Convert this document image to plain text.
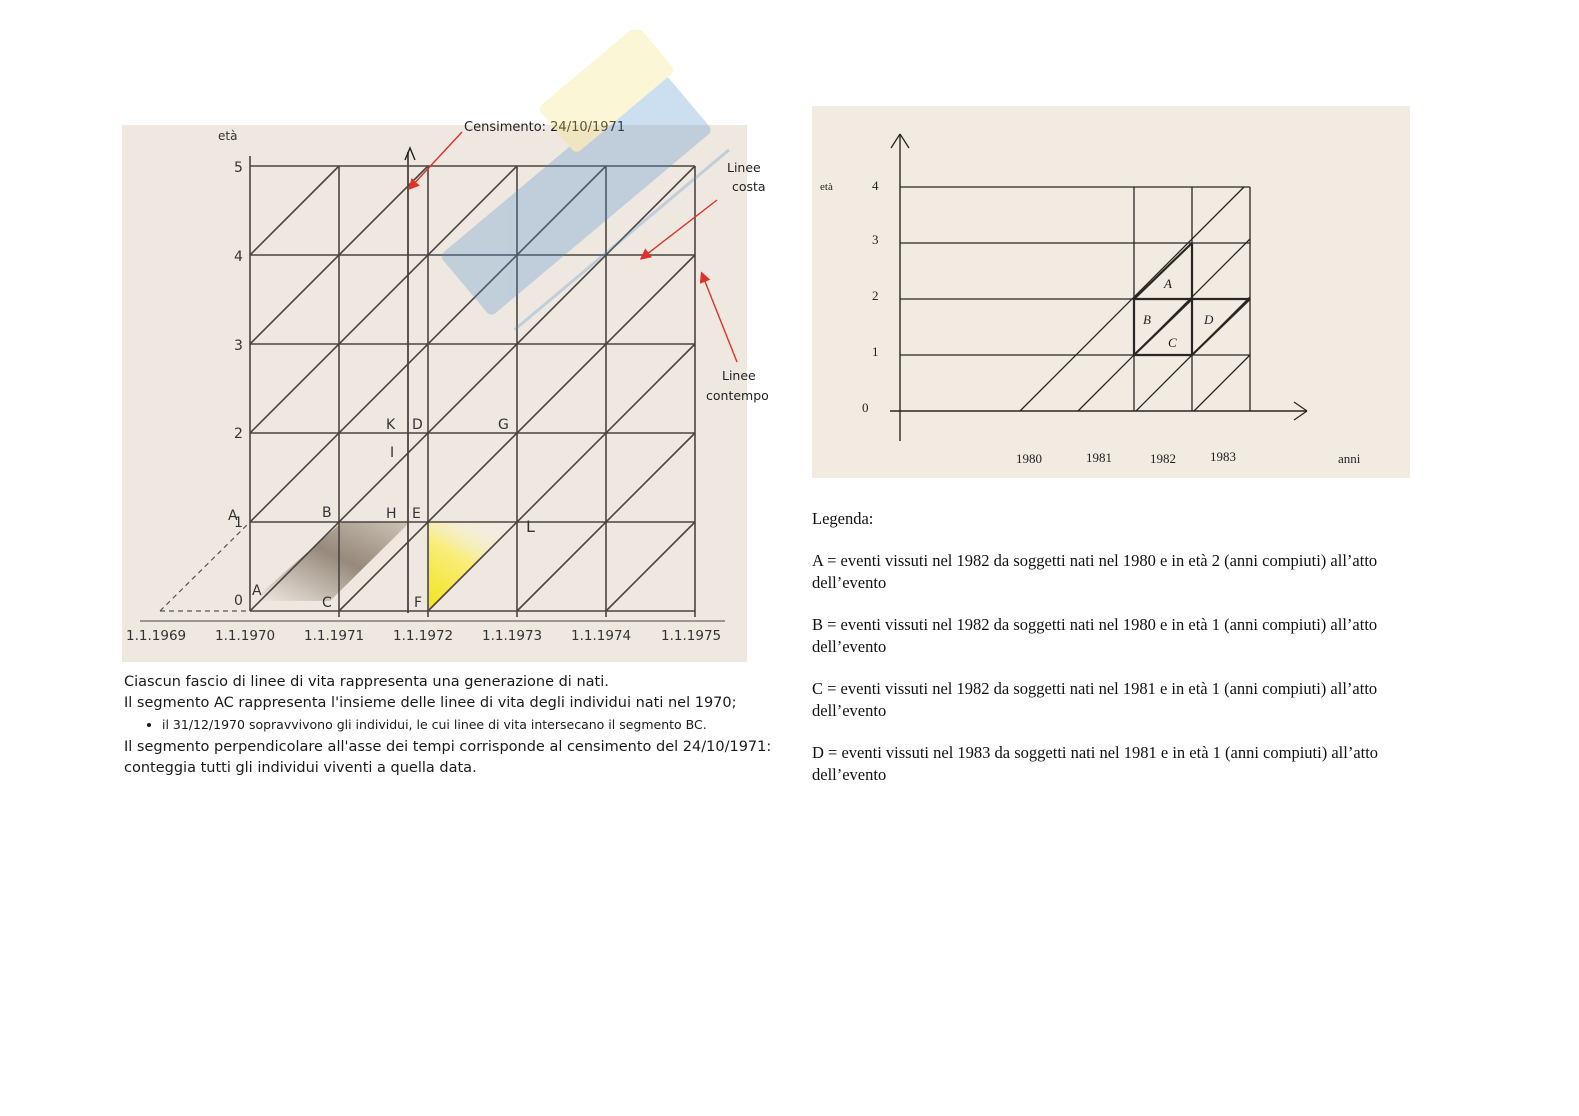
età
0
1
2
3
4
5
1.1.1969 1.1.1970 1.1.1971 1.1.1972 1.1.1973 1.1.1974 1.1.1975
Censimento: 24/10/1971
Linee
costa
Linee
contempo
A
A	B
C
K D
I
G
H E
F
L

Ciascun fascio di linee di vita rappresenta una generazione di nati.

Il segmento AC rappresenta l'insieme delle linee di vita degli individui nati nel 1970;

• il 31/12/1970 sopravvivono gli individui, le cui linee di vita intersecano il segmento BC.

Il segmento perpendicolare all'asse dei tempi corrisponde al censimento del 24/10/1971: conteggia tutti gli individui viventi a quella data.

età
0
1
2
3
4
1980	1981	1982	1983	anni
A
B
C
D

Legenda:

A = eventi vissuti nel 1982 da soggetti nati nel 1980 e in età 2 (anni compiuti) all’atto dell’evento

B = eventi vissuti nel 1982 da soggetti nati nel 1980 e in età 1 (anni compiuti) all’atto dell’evento

C = eventi vissuti nel 1982 da soggetti nati nel 1981 e in età 1 (anni compiuti) all’atto dell’evento

D = eventi vissuti nel 1983 da soggetti nati nel 1981 e in età 1 (anni compiuti) all’atto dell’evento
